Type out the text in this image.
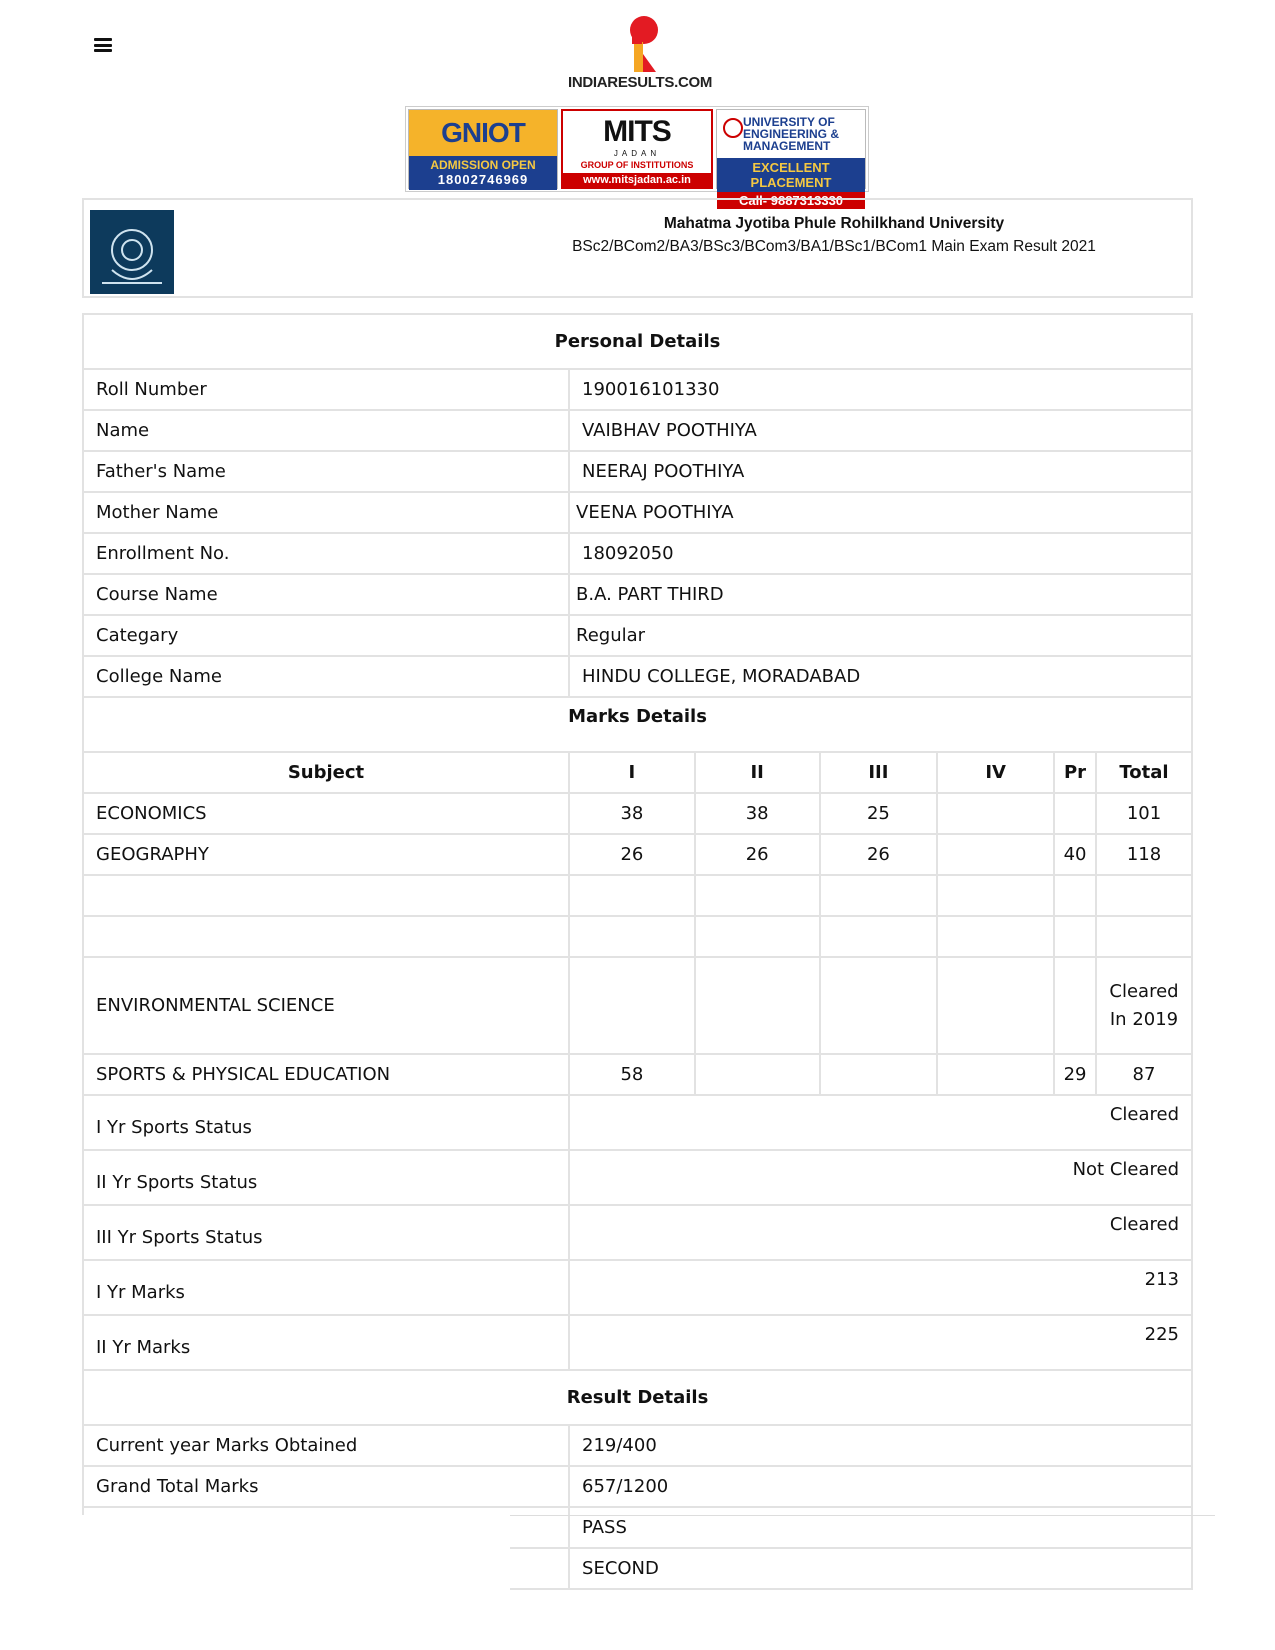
INDIARESULTS.COM
GNIOT
ADMISSION OPEN
18002746969
MITS
JADAN
GROUP OF INSTITUTIONS
www.mitsjadan.ac.in
UNIVERSITY OF
ENGINEERING &
MANAGEMENT
EXCELLENT PLACEMENT
Call- 9887313330
Mahatma Jyotiba Phule Rohilkhand University
BSc2/BCom2/BA3/BSc3/BCom3/BA1/BSc1/BCom1 Main Exam Result 2021
Personal Details						
Roll Number	190016101330					
Name	VAIBHAV POOTHIYA					
Father's Name	NEERAJ POOTHIYA					
Mother Name	VEENA POOTHIYA					
Enrollment No.	18092050					
Course Name	B.A. PART THIRD					
Categary	Regular					
College Name	HINDU COLLEGE, MORADABAD					
Marks Details						
Subject	I	II	III	IV	Pr	Total
ECONOMICS	38	38	25			101
GEOGRAPHY	26	26	26		40	118

ENVIRONMENTAL SCIENCE						Cleared In 2019
SPORTS & PHYSICAL EDUCATION	58				29	87
I Yr Sports Status	Cleared					
II Yr Sports Status	Not Cleared					
III Yr Sports Status	Cleared					
I Yr Marks	213					
II Yr Marks	225					
Result Details						
Current year Marks Obtained	219/400					
Grand Total Marks	657/1200					
	PASS					
	SECOND					
